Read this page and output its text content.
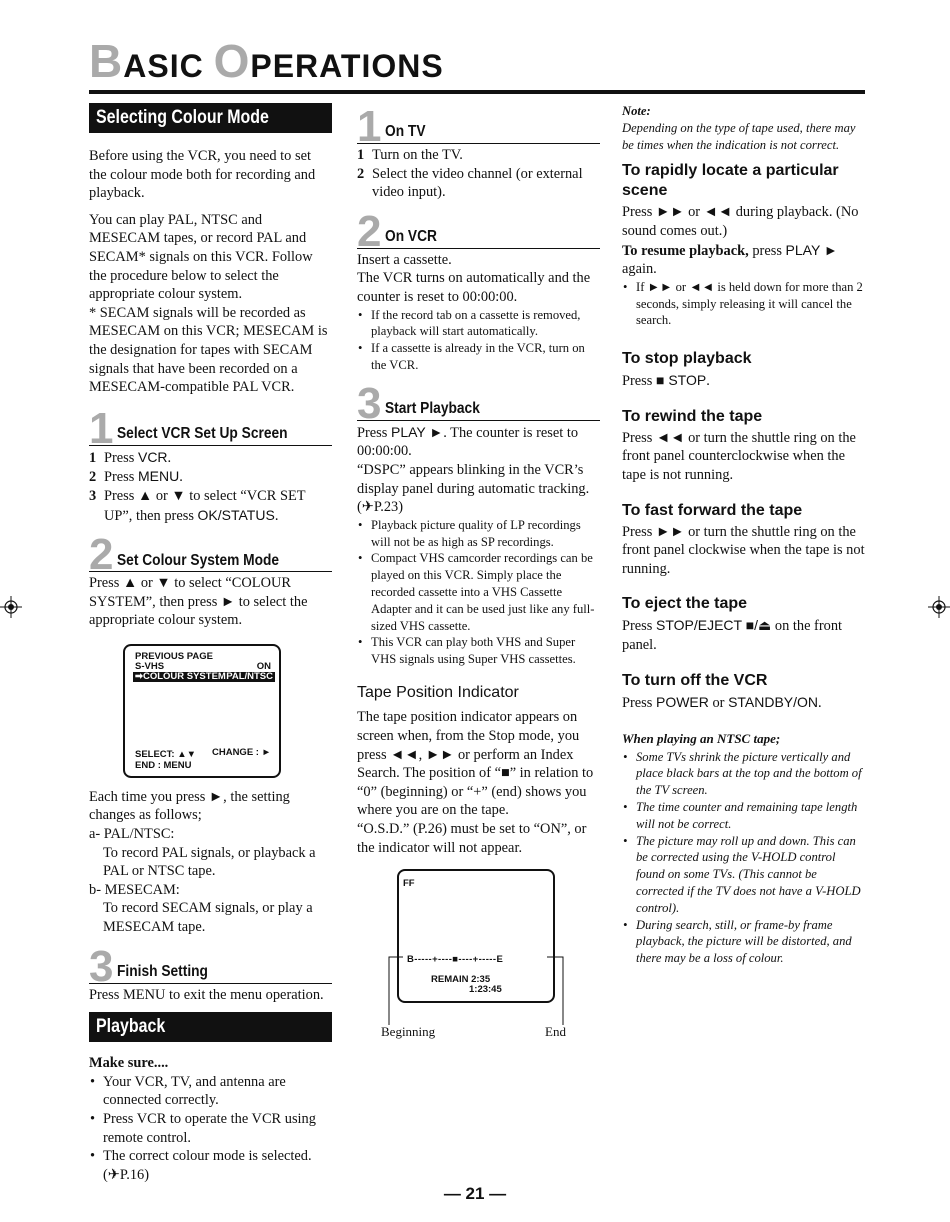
BASIC OPERATIONS
Selecting Colour Mode

Before using the VCR, you need to set the colour mode both for recording and playback.

You can play PAL, NTSC and MESECAM tapes, or record PAL and SECAM* signals on this VCR. Follow the procedure below to select the appropriate colour system.

* SECAM signals will be recorded as MESECAM on this VCR; MESECAM is the designation for tapes with SECAM signals that have been recorded on a MESECAM-compatible PAL VCR.

1 Select VCR Set Up Screen
1 Press VCR.
2 Press MENU.
3 Press ▲ or ▼ to select “VCR SET UP”, then press OK/STATUS.
2 Set Colour System Mode

Press ▲ or ▼ to select “COLOUR SYSTEM”, then press ► to select the appropriate colour system.

PREVIOUS PAGE
S-VHS	ON
➡COLOUR SYSTEM PAL/NTSC
SELECT: ▲▼ CHANGE : ►
END : MENU

Each time you press ►, the setting changes as follows;

a- PAL/NTSC:
To record PAL signals, or playback a PAL or NTSC tape.
b- MESECAM:
To record SECAM signals, or play a MESECAM tape.
3 Finish Setting

Press MENU to exit the menu operation.

Playback
Make sure....
• Your VCR, TV, and antenna are connected correctly.
• Press VCR to operate the VCR using remote control.
• The correct colour mode is selected. (✈P.16)
1 On TV
1 Turn on the TV.
2 Select the video channel (or external video input).
2 On VCR
Insert a cassette.
The VCR turns on automatically and the counter is reset to 00:00:00.
• If the record tab on a cassette is removed, playback will start automatically.
• If a cassette is already in the VCR, turn on the VCR.
3 Start Playback
Press PLAY ►. The counter is reset to 00:00:00.
“DSPC” appears blinking in the VCR’s display panel during automatic tracking. (✈P.23)
• Playback picture quality of LP recordings will not be as high as SP recordings.
• Compact VHS camcorder recordings can be played on this VCR. Simply place the recorded cassette into a VHS Cassette Adapter and it can be used just like any full-sized VHS cassette.
• This VCR can play both VHS and Super VHS signals using Super VHS cassettes.
Tape Position Indicator
The tape position indicator appears on screen when, from the Stop mode, you press ◄◄, ►► or perform an Index Search. The position of “■” in relation to “0” (beginning) or “+” (end) shows you where you are on the tape.
“O.S.D.” (P.26) must be set to “ON”, or the indicator will not appear.
FF
B-----+----■----+-----E
REMAIN 2:35
1:23:45
Beginning	End
Note:
Depending on the type of tape used, there may be times when the indication is not correct.
To rapidly locate a particular scene
Press ►► or ◄◄ during playback. (No sound comes out.)
To resume playback, press PLAY ► again.
• If ►► or ◄◄ is held down for more than 2 seconds, simply releasing it will cancel the search.
To stop playback
Press ■ STOP.
To rewind the tape
Press ◄◄ or turn the shuttle ring on the front panel counterclockwise when the tape is not running.
To fast forward the tape
Press ►► or turn the shuttle ring on the front panel clockwise when the tape is not running.
To eject the tape
Press STOP/EJECT ■/⏏ on the front panel.
To turn off the VCR
Press POWER or STANDBY/ON.
When playing an NTSC tape;
• Some TVs shrink the picture vertically and place black bars at the top and the bottom of the TV screen.
• The time counter and remaining tape length will not be correct.
• The picture may roll up and down. This can be corrected using the V-HOLD control found on some TVs. (This cannot be corrected if the TV does not have a V-HOLD control).
• During search, still, or frame-by frame playback, the picture will be distorted, and there may be a loss of colour.
— 21 —
